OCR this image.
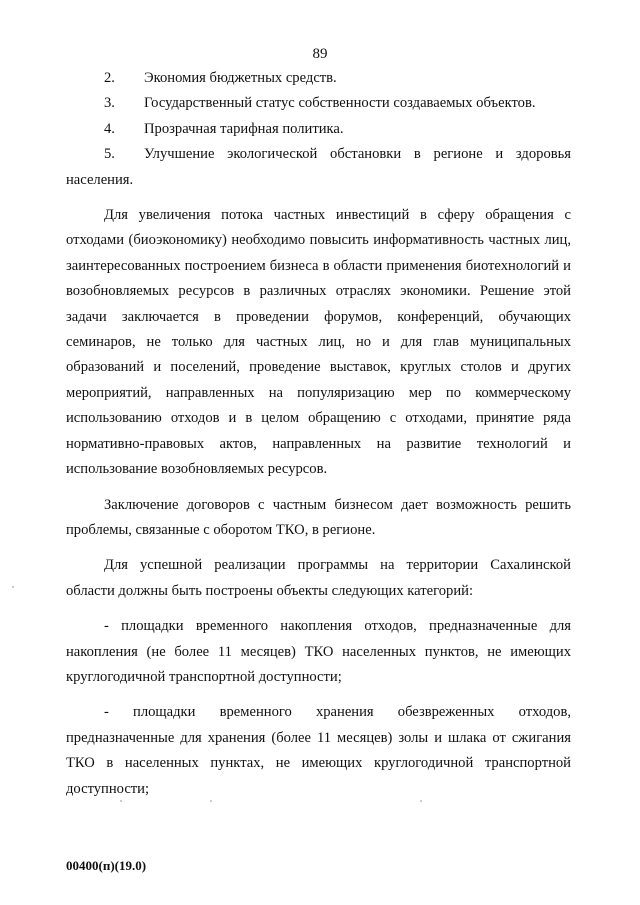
89

2. Экономия бюджетных средств.

3. Государственный статус собственности создаваемых объектов.

4. Прозрачная тарифная политика.

5. Улучшение экологической обстановки в регионе и здоровья населения.

Для увеличения потока частных инвестиций в сферу обращения с отходами (биоэкономику) необходимо повысить информативность частных лиц, заинтересованных построением бизнеса в области применения биотехнологий и возобновляемых ресурсов в различных отраслях экономики. Решение этой задачи заключается в проведении форумов, конференций, обучающих семинаров, не только для частных лиц, но и для глав муниципальных образований и поселений, проведение выставок, круглых столов и других мероприятий, направленных на популяризацию мер по коммерческому использованию отходов и в целом обращению с отходами, принятие ряда нормативно-правовых актов, направленных на развитие технологий и использование возобновляемых ресурсов.

Заключение договоров с частным бизнесом дает возможность решить проблемы, связанные с оборотом ТКО, в регионе.

Для успешной реализации программы на территории Сахалинской области должны быть построены объекты следующих категорий:

- площадки временного накопления отходов, предназначенные для накопления (не более 11 месяцев) ТКО населенных пунктов, не имеющих круглогодичной транспортной доступности;

- площадки временного хранения обезвреженных отходов, предназначенные для хранения (более 11 месяцев) золы и шлака от сжигания ТКО в населенных пунктах, не имеющих круглогодичной транспортной доступности;

00400(п)(19.0)
